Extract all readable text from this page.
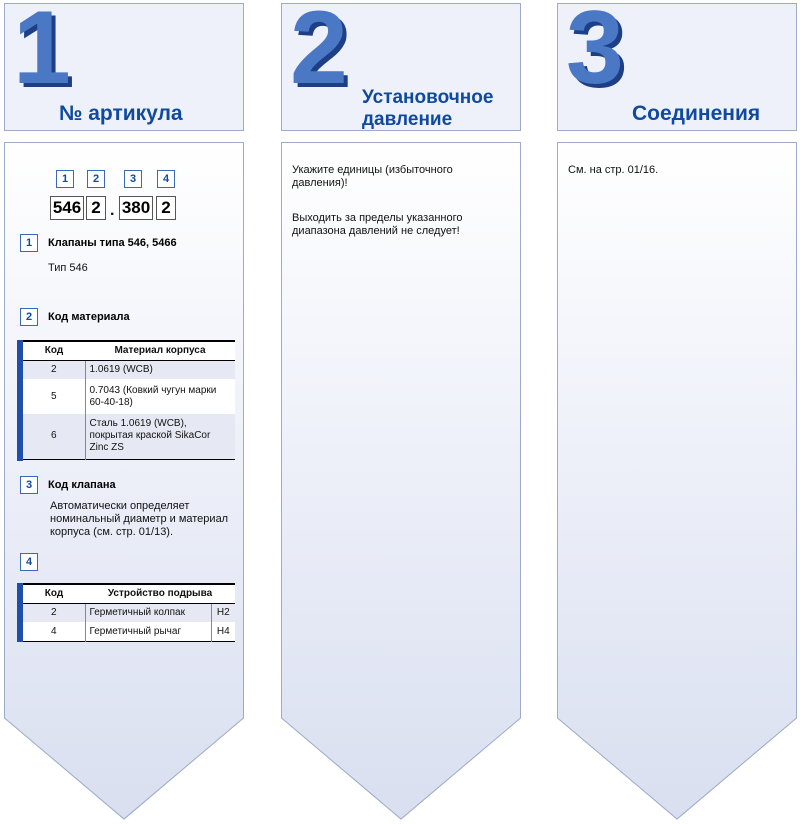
1
№ артикула
2 Установочное
давление
3
Соединения
1	2	3	4
546 2 . 380 2
1	Клапаны типа 546, 5466
Тип 546
2	Код материала
Код	Материал корпуса
2	1.0619 (WCB)
5	0.7043 (Ковкий чугун марки 60-40-18)
6	Сталь 1.0619 (WCB), покрытая краской SikaCor Zinc ZS
3	Код клапана
Автоматически определяет номинальный диаметр и материал корпуса (см. стр. 01/13).
4
Код	Устройство подрыва	
2	Герметичный колпак	H2
4	Герметичный рычаг	H4
Укажите единицы (избыточного давления)!
Выходить за пределы указанного диапазона давлений не следует!
См. на стр. 01/16.
